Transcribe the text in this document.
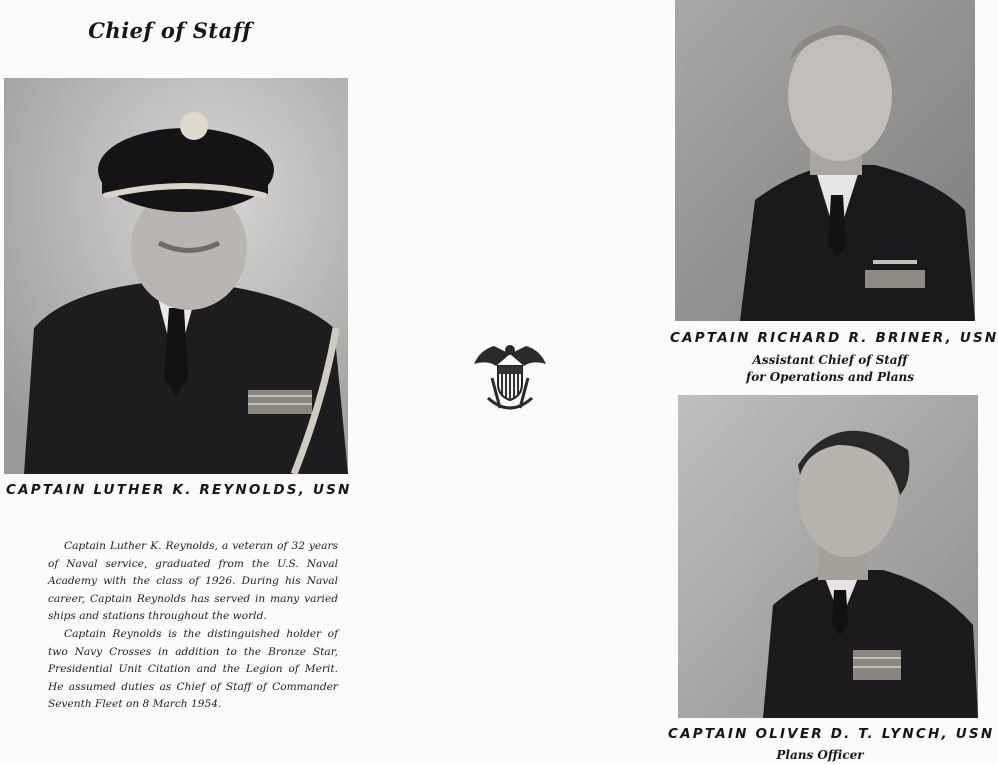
Chief of Staff
CAPTAIN LUTHER K. REYNOLDS, USN

Captain Luther K. Reynolds, a veteran of 32 years of Naval service, graduated from the U.S. Naval Academy with the class of 1926. During his Naval career, Captain Reynolds has served in many varied ships and stations throughout the world.

Captain Reynolds is the distinguished holder of two Navy Crosses in addition to the Bronze Star, Presidential Unit Citation and the Legion of Merit. He assumed duties as Chief of Staff of Commander Seventh Fleet on 8 March 1954.

CAPTAIN RICHARD R. BRINER, USN
Assistant Chief of Staff
for Operations and Plans
CAPTAIN OLIVER D. T. LYNCH, USN
Plans Officer
